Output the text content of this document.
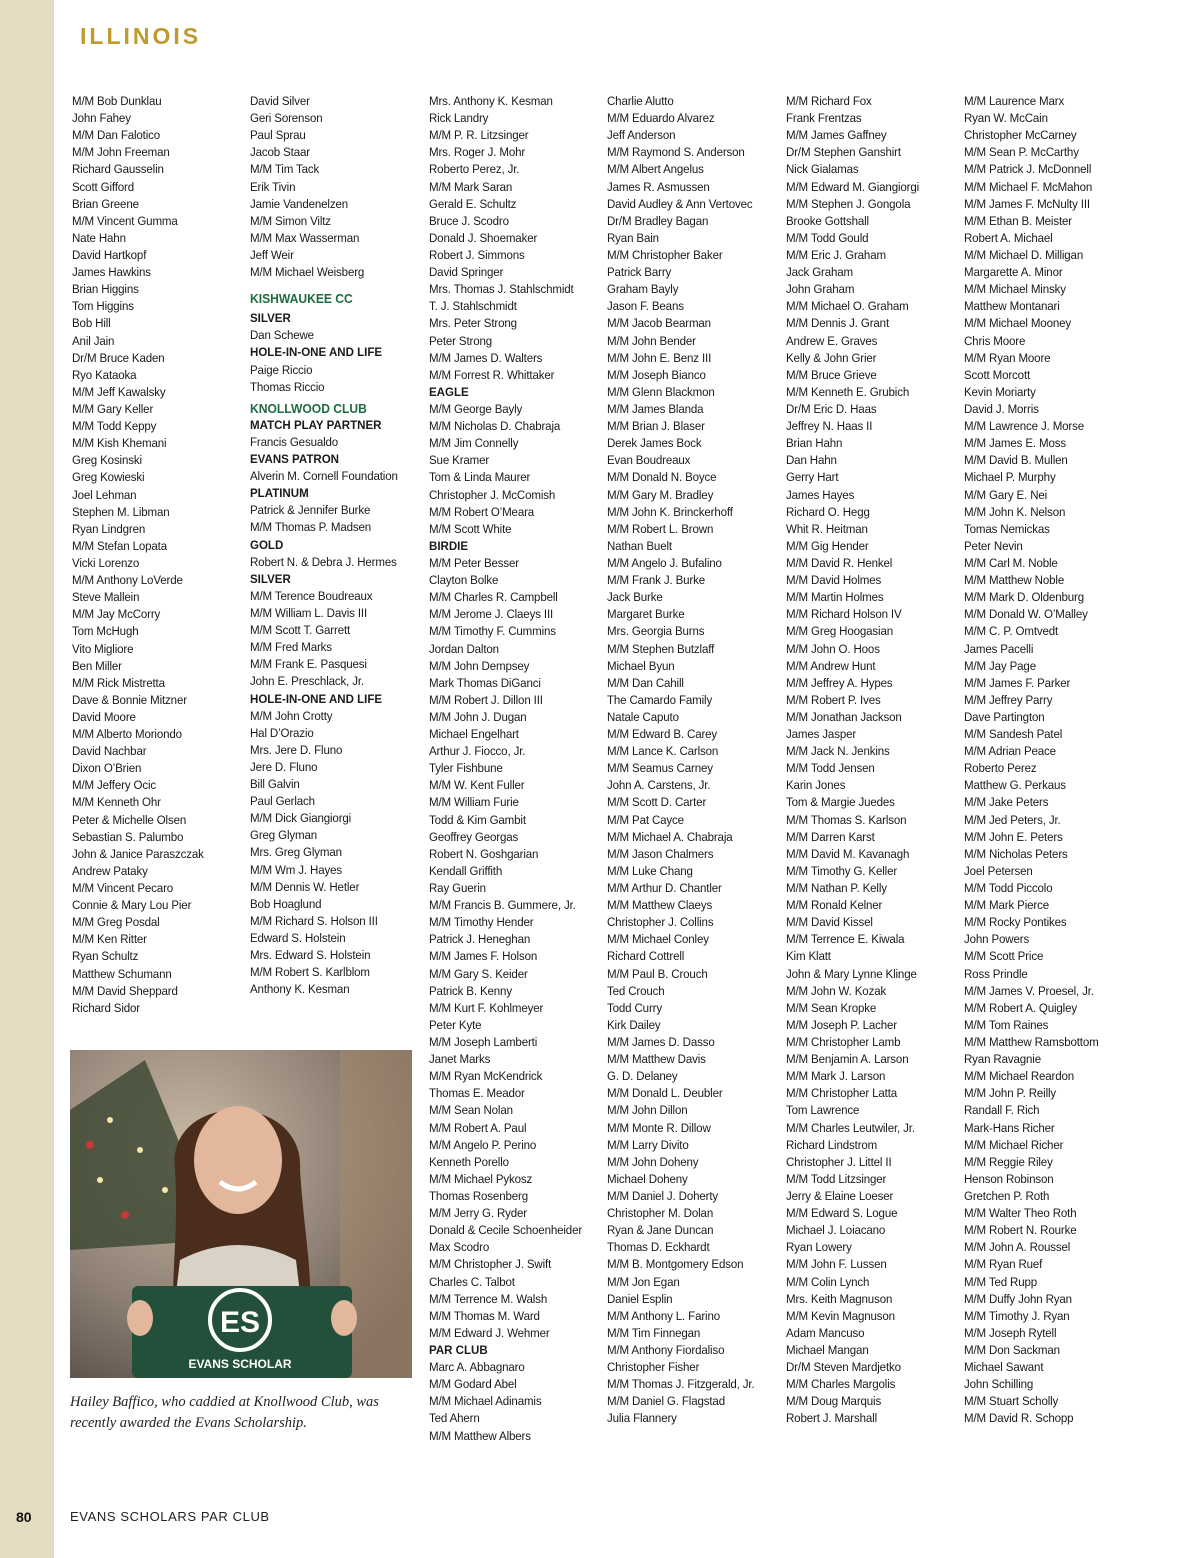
ILLINOIS
M/M Bob Dunklau
John Fahey
M/M Dan Falotico
M/M John Freeman
Richard Gausselin
Scott Gifford
Brian Greene
M/M Vincent Gumma
Nate Hahn
David Hartkopf
James Hawkins
Brian Higgins
Tom Higgins
Bob Hill
Anil Jain
Dr/M Bruce Kaden
Ryo Kataoka
M/M Jeff Kawalsky
M/M Gary Keller
M/M Todd Keppy
M/M Kish Khemani
Greg Kosinski
Greg Kowieski
Joel Lehman
Stephen M. Libman
Ryan Lindgren
M/M Stefan Lopata
Vicki Lorenzo
M/M Anthony LoVerde
Steve Mallein
M/M Jay McCorry
Tom McHugh
Vito Migliore
Ben Miller
M/M Rick Mistretta
Dave & Bonnie Mitzner
David Moore
M/M Alberto Moriondo
David Nachbar
Dixon O’Brien
M/M Jeffery Ocic
M/M Kenneth Ohr
Peter & Michelle Olsen
Sebastian S. Palumbo
John & Janice Paraszczak
Andrew Pataky
M/M Vincent Pecaro
Connie & Mary Lou Pier
M/M Greg Posdal
M/M Ken Ritter
Ryan Schultz
Matthew Schumann
M/M David Sheppard
Richard Sidor
David Silver
Geri Sorenson
Paul Sprau
Jacob Staar
M/M Tim Tack
Erik Tivin
Jamie Vandenelzen
M/M Simon Viltz
M/M Max Wasserman
Jeff Weir
M/M Michael Weisberg
KISHWAUKEE CC
SILVER
Dan Schewe
HOLE-IN-ONE AND LIFE
Paige Riccio
Thomas Riccio
KNOLLWOOD CLUB
MATCH PLAY PARTNER
Francis Gesualdo
EVANS PATRON
Alverin M. Cornell Foundation
PLATINUM
Patrick & Jennifer Burke
M/M Thomas P. Madsen
GOLD
Robert N. & Debra J. Hermes
SILVER
M/M Terence Boudreaux
M/M William L. Davis III
M/M Scott T. Garrett
M/M Fred Marks
M/M Frank E. Pasquesi
John E. Preschlack, Jr.
HOLE-IN-ONE AND LIFE
M/M John Crotty
Hal D’Orazio
Mrs. Jere D. Fluno
Jere D. Fluno
Bill Galvin
Paul Gerlach
M/M Dick Giangiorgi
Greg Glyman
Mrs. Greg Glyman
M/M Wm J. Hayes
M/M Dennis W. Hetler
Bob Hoaglund
M/M Richard S. Holson III
Edward S. Holstein
Mrs. Edward S. Holstein
M/M Robert S. Karlblom
Anthony K. Kesman
Mrs. Anthony K. Kesman
Rick Landry
M/M P. R. Litzsinger
Mrs. Roger J. Mohr
Roberto Perez, Jr.
M/M Mark Saran
Gerald E. Schultz
Bruce J. Scodro
Donald J. Shoemaker
Robert J. Simmons
David Springer
Mrs. Thomas J. Stahlschmidt
T. J. Stahlschmidt
Mrs. Peter Strong
Peter Strong
M/M James D. Walters
M/M Forrest R. Whittaker
EAGLE
M/M George Bayly
M/M Nicholas D. Chabraja
M/M Jim Connelly
Sue Kramer
Tom & Linda Maurer
Christopher J. McComish
M/M Robert O’Meara
M/M Scott White
BIRDIE
M/M Peter Besser
Clayton Bolke
M/M Charles R. Campbell
M/M Jerome J. Claeys III
M/M Timothy F. Cummins
Jordan Dalton
M/M John Dempsey
Mark Thomas DiGanci
M/M Robert J. Dillon III
M/M John J. Dugan
Michael Engelhart
Arthur J. Fiocco, Jr.
Tyler Fishbune
M/M W. Kent Fuller
M/M William Furie
Todd & Kim Gambit
Geoffrey Georgas
Robert N. Goshgarian
Kendall Griffith
Ray Guerin
M/M Francis B. Gummere, Jr.
M/M Timothy Hender
Patrick J. Heneghan
M/M James F. Holson
M/M Gary S. Keider
Patrick B. Kenny
M/M Kurt F. Kohlmeyer
Peter Kyte
M/M Joseph Lamberti
Janet Marks
M/M Ryan McKendrick
Thomas E. Meador
M/M Sean Nolan
M/M Robert A. Paul
M/M Angelo P. Perino
Kenneth Porello
M/M Michael Pykosz
Thomas Rosenberg
M/M Jerry G. Ryder
Donald & Cecile Schoenheider
Max Scodro
M/M Christopher J. Swift
Charles C. Talbot
M/M Terrence M. Walsh
M/M Thomas M. Ward
M/M Edward J. Wehmer
PAR CLUB
Marc A. Abbagnaro
M/M Godard Abel
M/M Michael Adinamis
Ted Ahern
M/M Matthew Albers
Charlie Alutto
M/M Eduardo Alvarez
Jeff Anderson
M/M Raymond S. Anderson
M/M Albert Angelus
James R. Asmussen
David Audley & Ann Vertovec
Dr/M Bradley Bagan
Ryan Bain
M/M Christopher Baker
Patrick Barry
Graham Bayly
Jason F. Beans
M/M Jacob Bearman
M/M John Bender
M/M John E. Benz III
M/M Joseph Bianco
M/M Glenn Blackmon
M/M James Blanda
M/M Brian J. Blaser
Derek James Bock
Evan Boudreaux
M/M Donald N. Boyce
M/M Gary M. Bradley
M/M John K. Brinckerhoff
M/M Robert L. Brown
Nathan Buelt
M/M Angelo J. Bufalino
M/M Frank J. Burke
Jack Burke
Margaret Burke
Mrs. Georgia Burns
M/M Stephen Butzlaff
Michael Byun
M/M Dan Cahill
The Camardo Family
Natale Caputo
M/M Edward B. Carey
M/M Lance K. Carlson
M/M Seamus Carney
John A. Carstens, Jr.
M/M Scott D. Carter
M/M Pat Cayce
M/M Michael A. Chabraja
M/M Jason Chalmers
M/M Luke Chang
M/M Arthur D. Chantler
M/M Matthew Claeys
Christopher J. Collins
M/M Michael Conley
Richard Cottrell
M/M Paul B. Crouch
Ted Crouch
Todd Curry
Kirk Dailey
M/M James D. Dasso
M/M Matthew Davis
G. D. Delaney
M/M Donald L. Deubler
M/M John Dillon
M/M Monte R. Dillow
M/M Larry Divito
M/M John Doheny
Michael Doheny
M/M Daniel J. Doherty
Christopher M. Dolan
Ryan & Jane Duncan
Thomas D. Eckhardt
M/M B. Montgomery Edson
M/M Jon Egan
Daniel Esplin
M/M Anthony L. Farino
M/M Tim Finnegan
M/M Anthony Fiordaliso
Christopher Fisher
M/M Thomas J. Fitzgerald, Jr.
M/M Daniel G. Flagstad
Julia Flannery
M/M Richard Fox
Frank Frentzas
M/M James Gaffney
Dr/M Stephen Ganshirt
Nick Gialamas
M/M Edward M. Giangiorgi
M/M Stephen J. Gongola
Brooke Gottshall
M/M Todd Gould
M/M Eric J. Graham
Jack Graham
John Graham
M/M Michael O. Graham
M/M Dennis J. Grant
Andrew E. Graves
Kelly & John Grier
M/M Bruce Grieve
M/M Kenneth E. Grubich
Dr/M Eric D. Haas
Jeffrey N. Haas II
Brian Hahn
Dan Hahn
Gerry Hart
James Hayes
Richard O. Hegg
Whit R. Heitman
M/M Gig Hender
M/M David R. Henkel
M/M David Holmes
M/M Martin Holmes
M/M Richard Holson IV
M/M Greg Hoogasian
M/M John O. Hoos
M/M Andrew Hunt
M/M Jeffrey A. Hypes
M/M Robert P. Ives
M/M Jonathan Jackson
James Jasper
M/M Jack N. Jenkins
M/M Todd Jensen
Karin Jones
Tom & Margie Juedes
M/M Thomas S. Karlson
M/M Darren Karst
M/M David M. Kavanagh
M/M Timothy G. Keller
M/M Nathan P. Kelly
M/M Ronald Kelner
M/M David Kissel
M/M Terrence E. Kiwala
Kim Klatt
John & Mary Lynne Klinge
M/M John W. Kozak
M/M Sean Kropke
M/M Joseph P. Lacher
M/M Christopher Lamb
M/M Benjamin A. Larson
M/M Mark J. Larson
M/M Christopher Latta
Tom Lawrence
M/M Charles Leutwiler, Jr.
Richard Lindstrom
Christopher J. Littel II
M/M Todd Litzsinger
Jerry & Elaine Loeser
M/M Edward S. Logue
Michael J. Loiacano
Ryan Lowery
M/M John F. Lussen
M/M Colin Lynch
Mrs. Keith Magnuson
M/M Kevin Magnuson
Adam Mancuso
Michael Mangan
Dr/M Steven Mardjetko
M/M Charles Margolis
M/M Doug Marquis
Robert J. Marshall
M/M Laurence Marx
Ryan W. McCain
Christopher McCarney
M/M Sean P. McCarthy
M/M Patrick J. McDonnell
M/M Michael F. McMahon
M/M James F. McNulty III
M/M Ethan B. Meister
Robert A. Michael
M/M Michael D. Milligan
Margarette A. Minor
M/M Michael Minsky
Matthew Montanari
M/M Michael Mooney
Chris Moore
M/M Ryan Moore
Scott Morcott
Kevin Moriarty
David J. Morris
M/M Lawrence J. Morse
M/M James E. Moss
M/M David B. Mullen
Michael P. Murphy
M/M Gary E. Nei
M/M John K. Nelson
Tomas Nemickas
Peter Nevin
M/M Carl M. Noble
M/M Matthew Noble
M/M Mark D. Oldenburg
M/M Donald W. O’Malley
M/M C. P. Omtvedt
James Pacelli
M/M Jay Page
M/M James F. Parker
M/M Jeffrey Parry
Dave Partington
M/M Sandesh Patel
M/M Adrian Peace
Roberto Perez
Matthew G. Perkaus
M/M Jake Peters
M/M Jed Peters, Jr.
M/M John E. Peters
M/M Nicholas Peters
Joel Petersen
M/M Todd Piccolo
M/M Mark Pierce
M/M Rocky Pontikes
John Powers
M/M Scott Price
Ross Prindle
M/M James V. Proesel, Jr.
M/M Robert A. Quigley
M/M Tom Raines
M/M Matthew Ramsbottom
Ryan Ravagnie
M/M Michael Reardon
M/M John P. Reilly
Randall F. Rich
Mark-Hans Richer
M/M Michael Richer
M/M Reggie Riley
Henson Robinson
Gretchen P. Roth
M/M Walter Theo Roth
M/M Robert N. Rourke
M/M John A. Roussel
M/M Ryan Ruef
M/M Ted Rupp
M/M Duffy John Ryan
M/M Timothy J. Ryan
M/M Joseph Rytell
M/M Don Sackman
Michael Sawant
John Schilling
M/M Stuart Scholly
M/M David R. Schopp
ES
EVANS SCHOLAR
Hailey Baffico, who caddied at Knollwood Club, was recently awarded the Evans Scholarship.
80	EVANS SCHOLARS PAR CLUB
